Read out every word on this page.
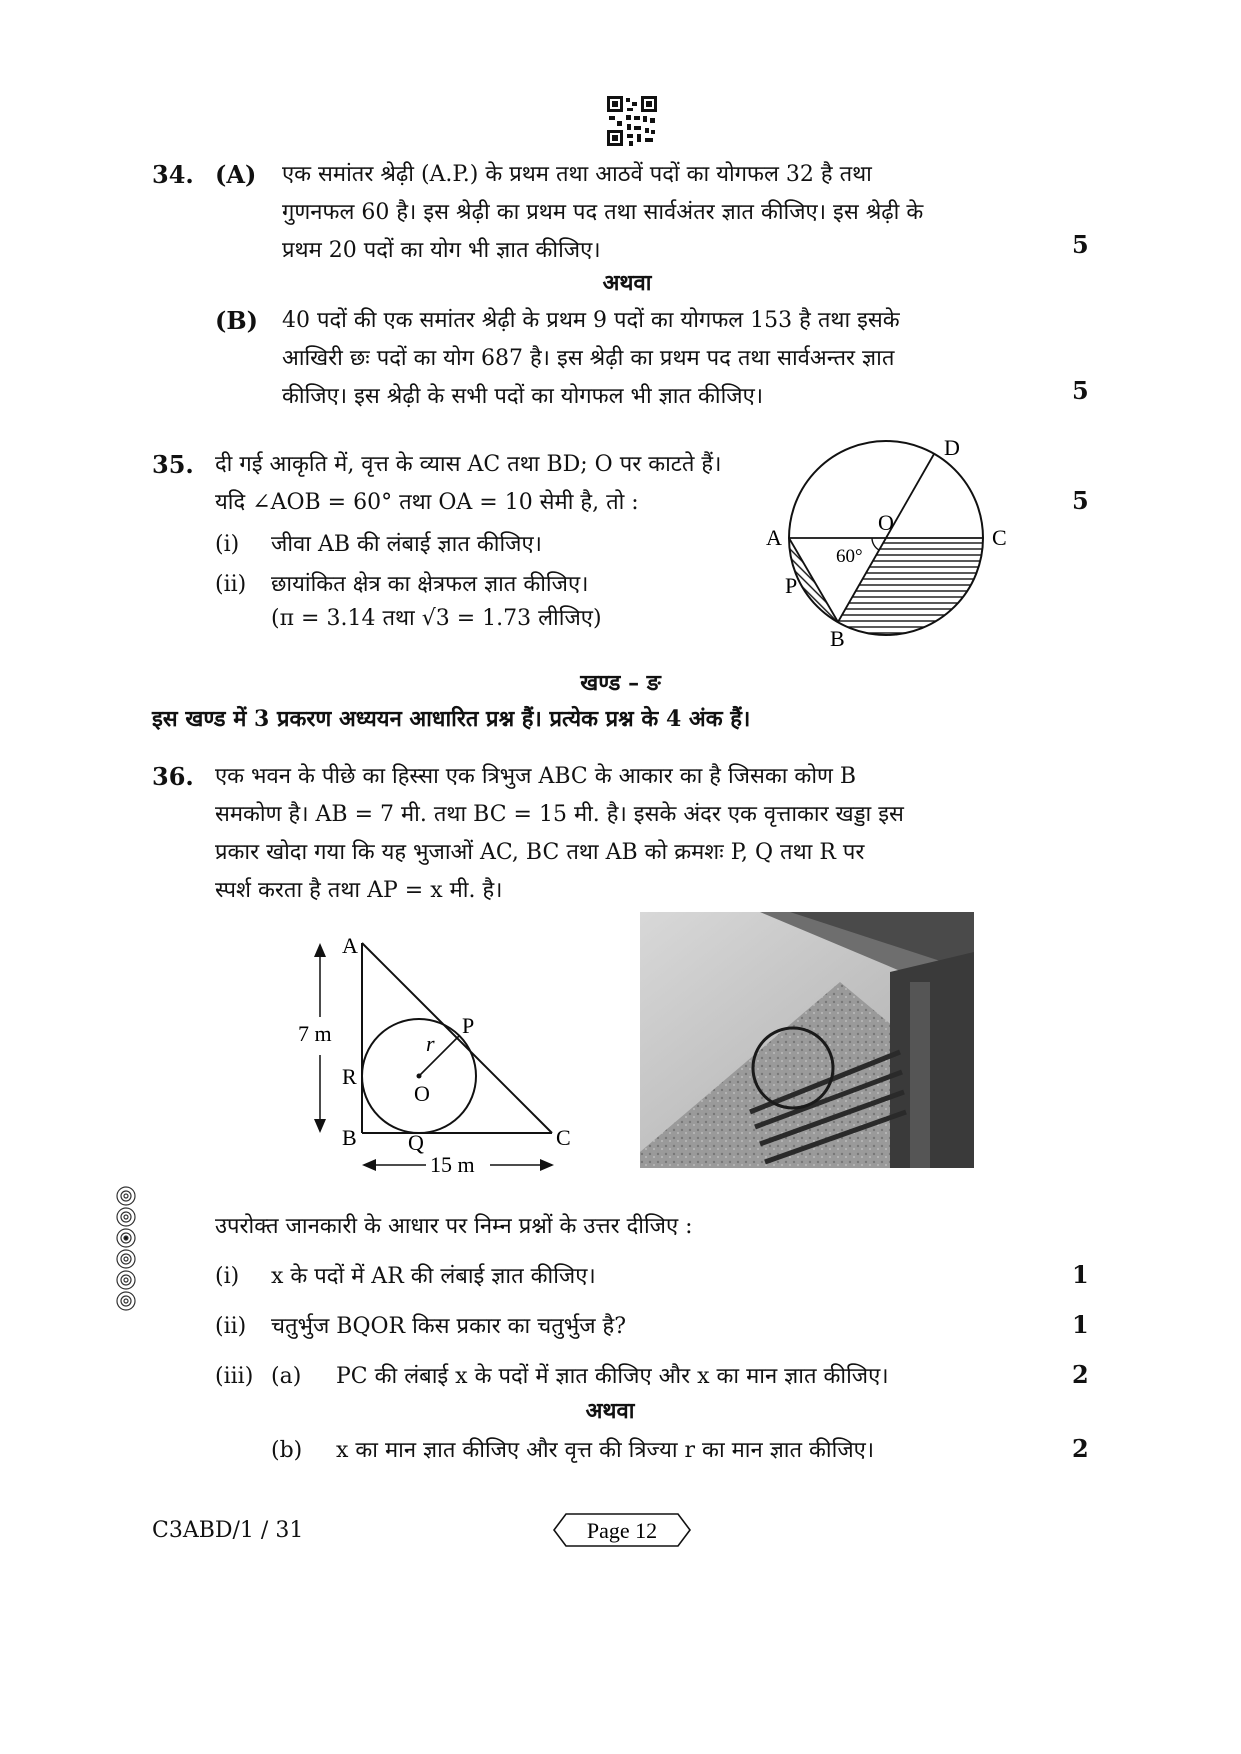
34. (A) एक समांतर श्रेढ़ी (A.P.) के प्रथम तथा आठवें पदों का योगफल 32 है तथा
गुणनफल 60 है। इस श्रेढ़ी का प्रथम पद तथा सार्वअंतर ज्ञात कीजिए। इस श्रेढ़ी के
प्रथम 20 पदों का योग भी ज्ञात कीजिए।	5
अथवा
(B) 40 पदों की एक समांतर श्रेढ़ी के प्रथम 9 पदों का योगफल 153 है तथा इसके
आखिरी छः पदों का योग 687 है। इस श्रेढ़ी का प्रथम पद तथा सार्वअन्तर ज्ञात
कीजिए। इस श्रेढ़ी के सभी पदों का योगफल भी ज्ञात कीजिए।	5
35. दी गई आकृति में, वृत्त के व्यास AC तथा BD; O पर काटते हैं।
यदि ∠AOB = 60° तथा OA = 10 सेमी है, तो :	5
(i) जीवा AB की लंबाई ज्ञात कीजिए।
(ii) छायांकित क्षेत्र का क्षेत्रफल ज्ञात कीजिए।
(π = 3.14 तथा √3 = 1.73 लीजिए)
A	C
D
O
B
P
60°
खण्ड – ङ
इस खण्ड में 3 प्रकरण अध्ययन आधारित प्रश्न हैं। प्रत्येक प्रश्न के 4 अंक हैं।
36. एक भवन के पीछे का हिस्सा एक त्रिभुज ABC के आकार का है जिसका कोण B
समकोण है। AB = 7 मी. तथा BC = 15 मी. है। इसके अंदर एक वृत्ताकार खड्डा इस
प्रकार खोदा गया कि यह भुजाओं AC, BC तथा AB को क्रमशः P, Q तथा R पर
स्पर्श करता है तथा AP = x मी. है।
A
B	C
P
Q
R
O
r
7 m
15 m
उपरोक्त जानकारी के आधार पर निम्न प्रश्नों के उत्तर दीजिए :
(i) x के पदों में AR की लंबाई ज्ञात कीजिए।	1
(ii) चतुर्भुज BQOR किस प्रकार का चतुर्भुज है?	1
(iii) (a) PC की लंबाई x के पदों में ज्ञात कीजिए और x का मान ज्ञात कीजिए।	2
अथवा
(b) x का मान ज्ञात कीजिए और वृत्त की त्रिज्या r का मान ज्ञात कीजिए।	2
C3ABD/1 / 31	Page 12
